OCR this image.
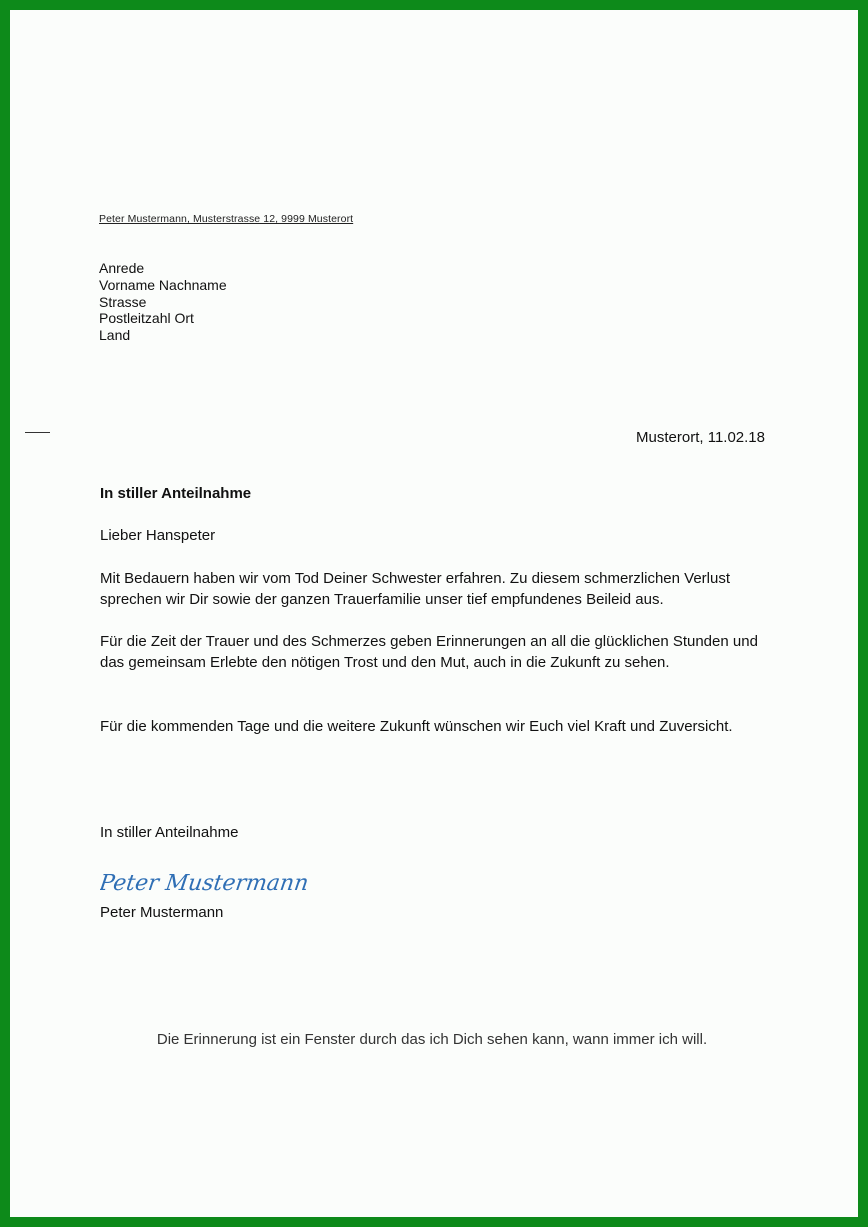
Peter Mustermann, Musterstrasse 12, 9999 Musterort
Anrede
Vorname Nachname
Strasse
Postleitzahl Ort
Land
Musterort, 11.02.18
In stiller Anteilnahme
Lieber Hanspeter
Mit Bedauern haben wir vom Tod Deiner Schwester erfahren. Zu diesem schmerzlichen Verlust sprechen wir Dir sowie der ganzen Trauerfamilie unser tief empfundenes Beileid aus.
Für die Zeit der Trauer und des Schmerzes geben Erinnerungen an all die glücklichen Stunden und das gemeinsam Erlebte den nötigen Trost und den Mut, auch in die Zukunft zu sehen.
Für die kommenden Tage und die weitere Zukunft wünschen wir Euch viel Kraft und Zuversicht.
In stiller Anteilnahme
Peter Mustermann
Peter Mustermann
Die Erinnerung ist ein Fenster durch das ich Dich sehen kann, wann immer ich will.
